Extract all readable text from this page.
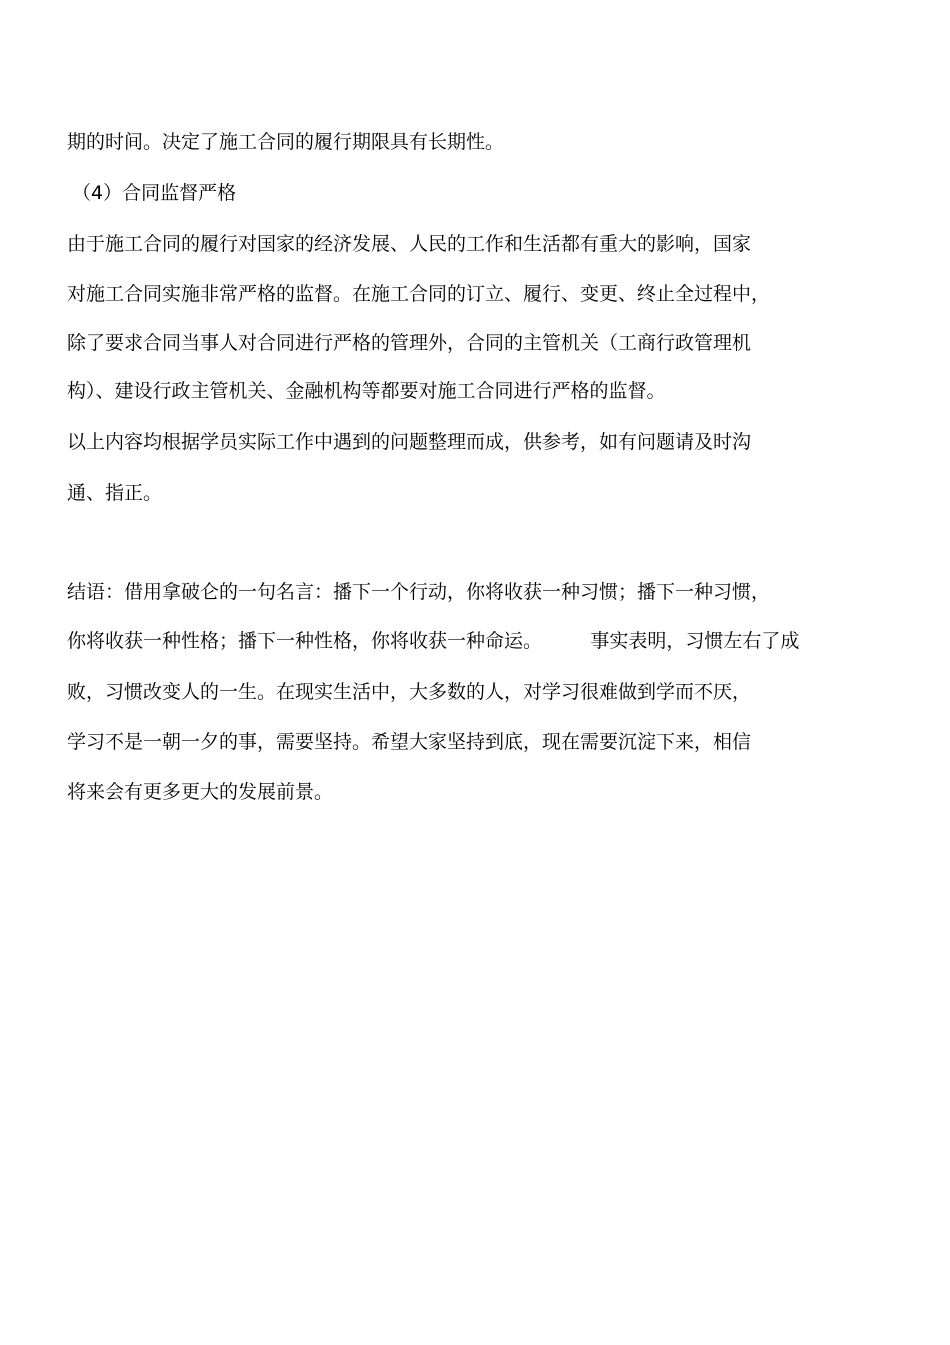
期的时间。决定了施工合同的履行期限具有长期性。
（4）合同监督严格
由于施工合同的履行对国家的经济发展、人民的工作和生活都有重大的影响，国家
对施工合同实施非常严格的监督。在施工合同的订立、履行、变更、终止全过程中，
除了要求合同当事人对合同进行严格的管理外，合同的主管机关（工商行政管理机
构）、建设行政主管机关、金融机构等都要对施工合同进行严格的监督。
以上内容均根据学员实际工作中遇到的问题整理而成，供参考，如有问题请及时沟
通、指正。
结语：借用拿破仑的一句名言：播下一个行动，你将收获一种习惯；播下一种习惯，
你将收获一种性格；播下一种性格，你将收获一种命运。        事实表明，习惯左右了成
败，习惯改变人的一生。在现实生活中，大多数的人，对学习很难做到学而不厌，
学习不是一朝一夕的事，需要坚持。希望大家坚持到底，现在需要沉淀下来，相信
将来会有更多更大的发展前景。
